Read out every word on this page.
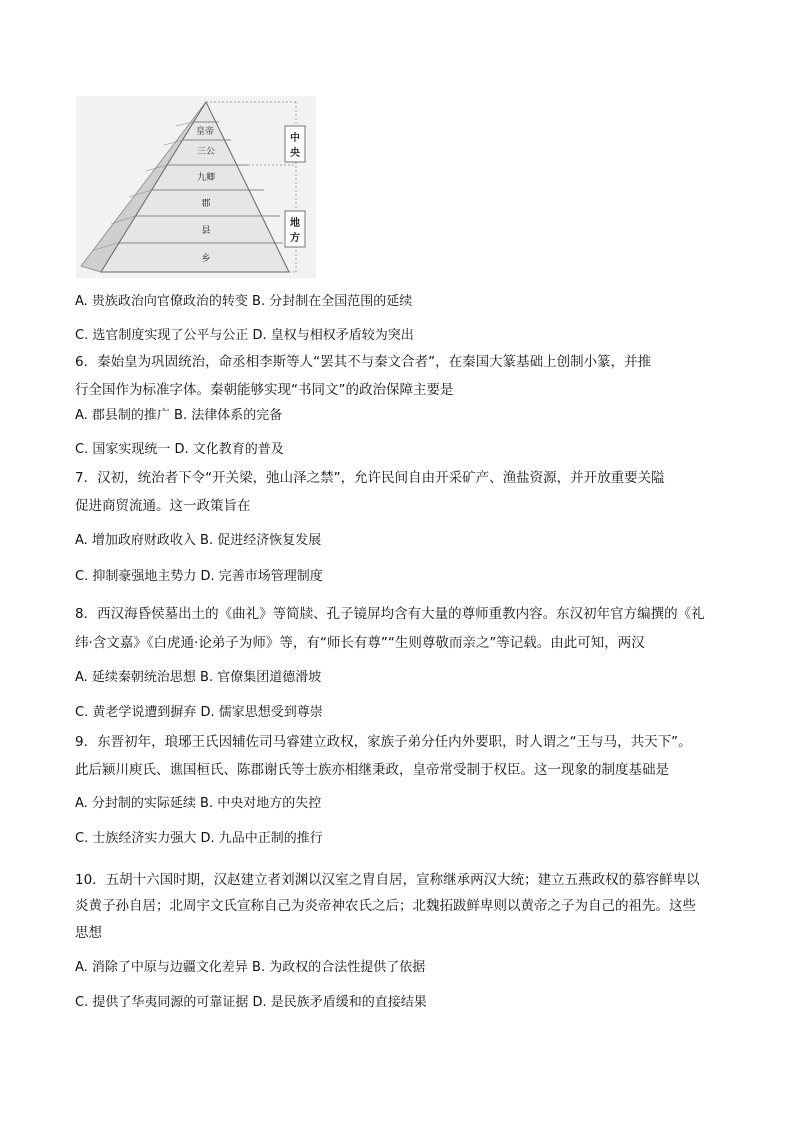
皇帝
三公
九卿
郡
县
乡
中
央
地
方
A. 贵族政治向官僚政治的转变 B. 分封制在全国范围的延续
C. 选官制度实现了公平与公正 D. 皇权与相权矛盾较为突出
6．秦始皇为巩固统治，命丞相李斯等人“罢其不与秦文合者”，在秦国大篆基础上创制小篆，并推
行全国作为标准字体。秦朝能够实现“书同文”的政治保障主要是
A. 郡县制的推广 B. 法律体系的完备
C. 国家实现统一 D. 文化教育的普及
7．汉初，统治者下令“开关梁，弛山泽之禁”，允许民间自由开采矿产、渔盐资源，并开放重要关隘
促进商贸流通。这一政策旨在
A. 增加政府财政收入 B. 促进经济恢复发展
C. 抑制豪强地主势力 D. 完善市场管理制度
8．西汉海昏侯墓出土的《曲礼》等简牍、孔子镜屏均含有大量的尊师重教内容。东汉初年官方编撰的《礼
纬·含文嘉》《白虎通·论弟子为师》等，有“师长有尊”“生则尊敬而亲之”等记载。由此可知，两汉
A. 延续秦朝统治思想 B. 官僚集团道德滑坡
C. 黄老学说遭到摒弃 D. 儒家思想受到尊崇
9．东晋初年，琅琊王氏因辅佐司马睿建立政权，家族子弟分任内外要职，时人谓之“王与马，共天下”。
此后颍川庾氏、谯国桓氏、陈郡谢氏等士族亦相继秉政，皇帝常受制于权臣。这一现象的制度基础是
A. 分封制的实际延续 B. 中央对地方的失控
C. 士族经济实力强大 D. 九品中正制的推行
10．五胡十六国时期，汉赵建立者刘渊以汉室之胄自居，宣称继承两汉大统；建立五燕政权的慕容鲜卑以
炎黄子孙自居；北周宇文氏宣称自己为炎帝神农氏之后；北魏拓跋鲜卑则以黄帝之子为自己的祖先。这些
思想
A. 消除了中原与边疆文化差异 B. 为政权的合法性提供了依据
C. 提供了华夷同源的可靠证据 D. 是民族矛盾缓和的直接结果
